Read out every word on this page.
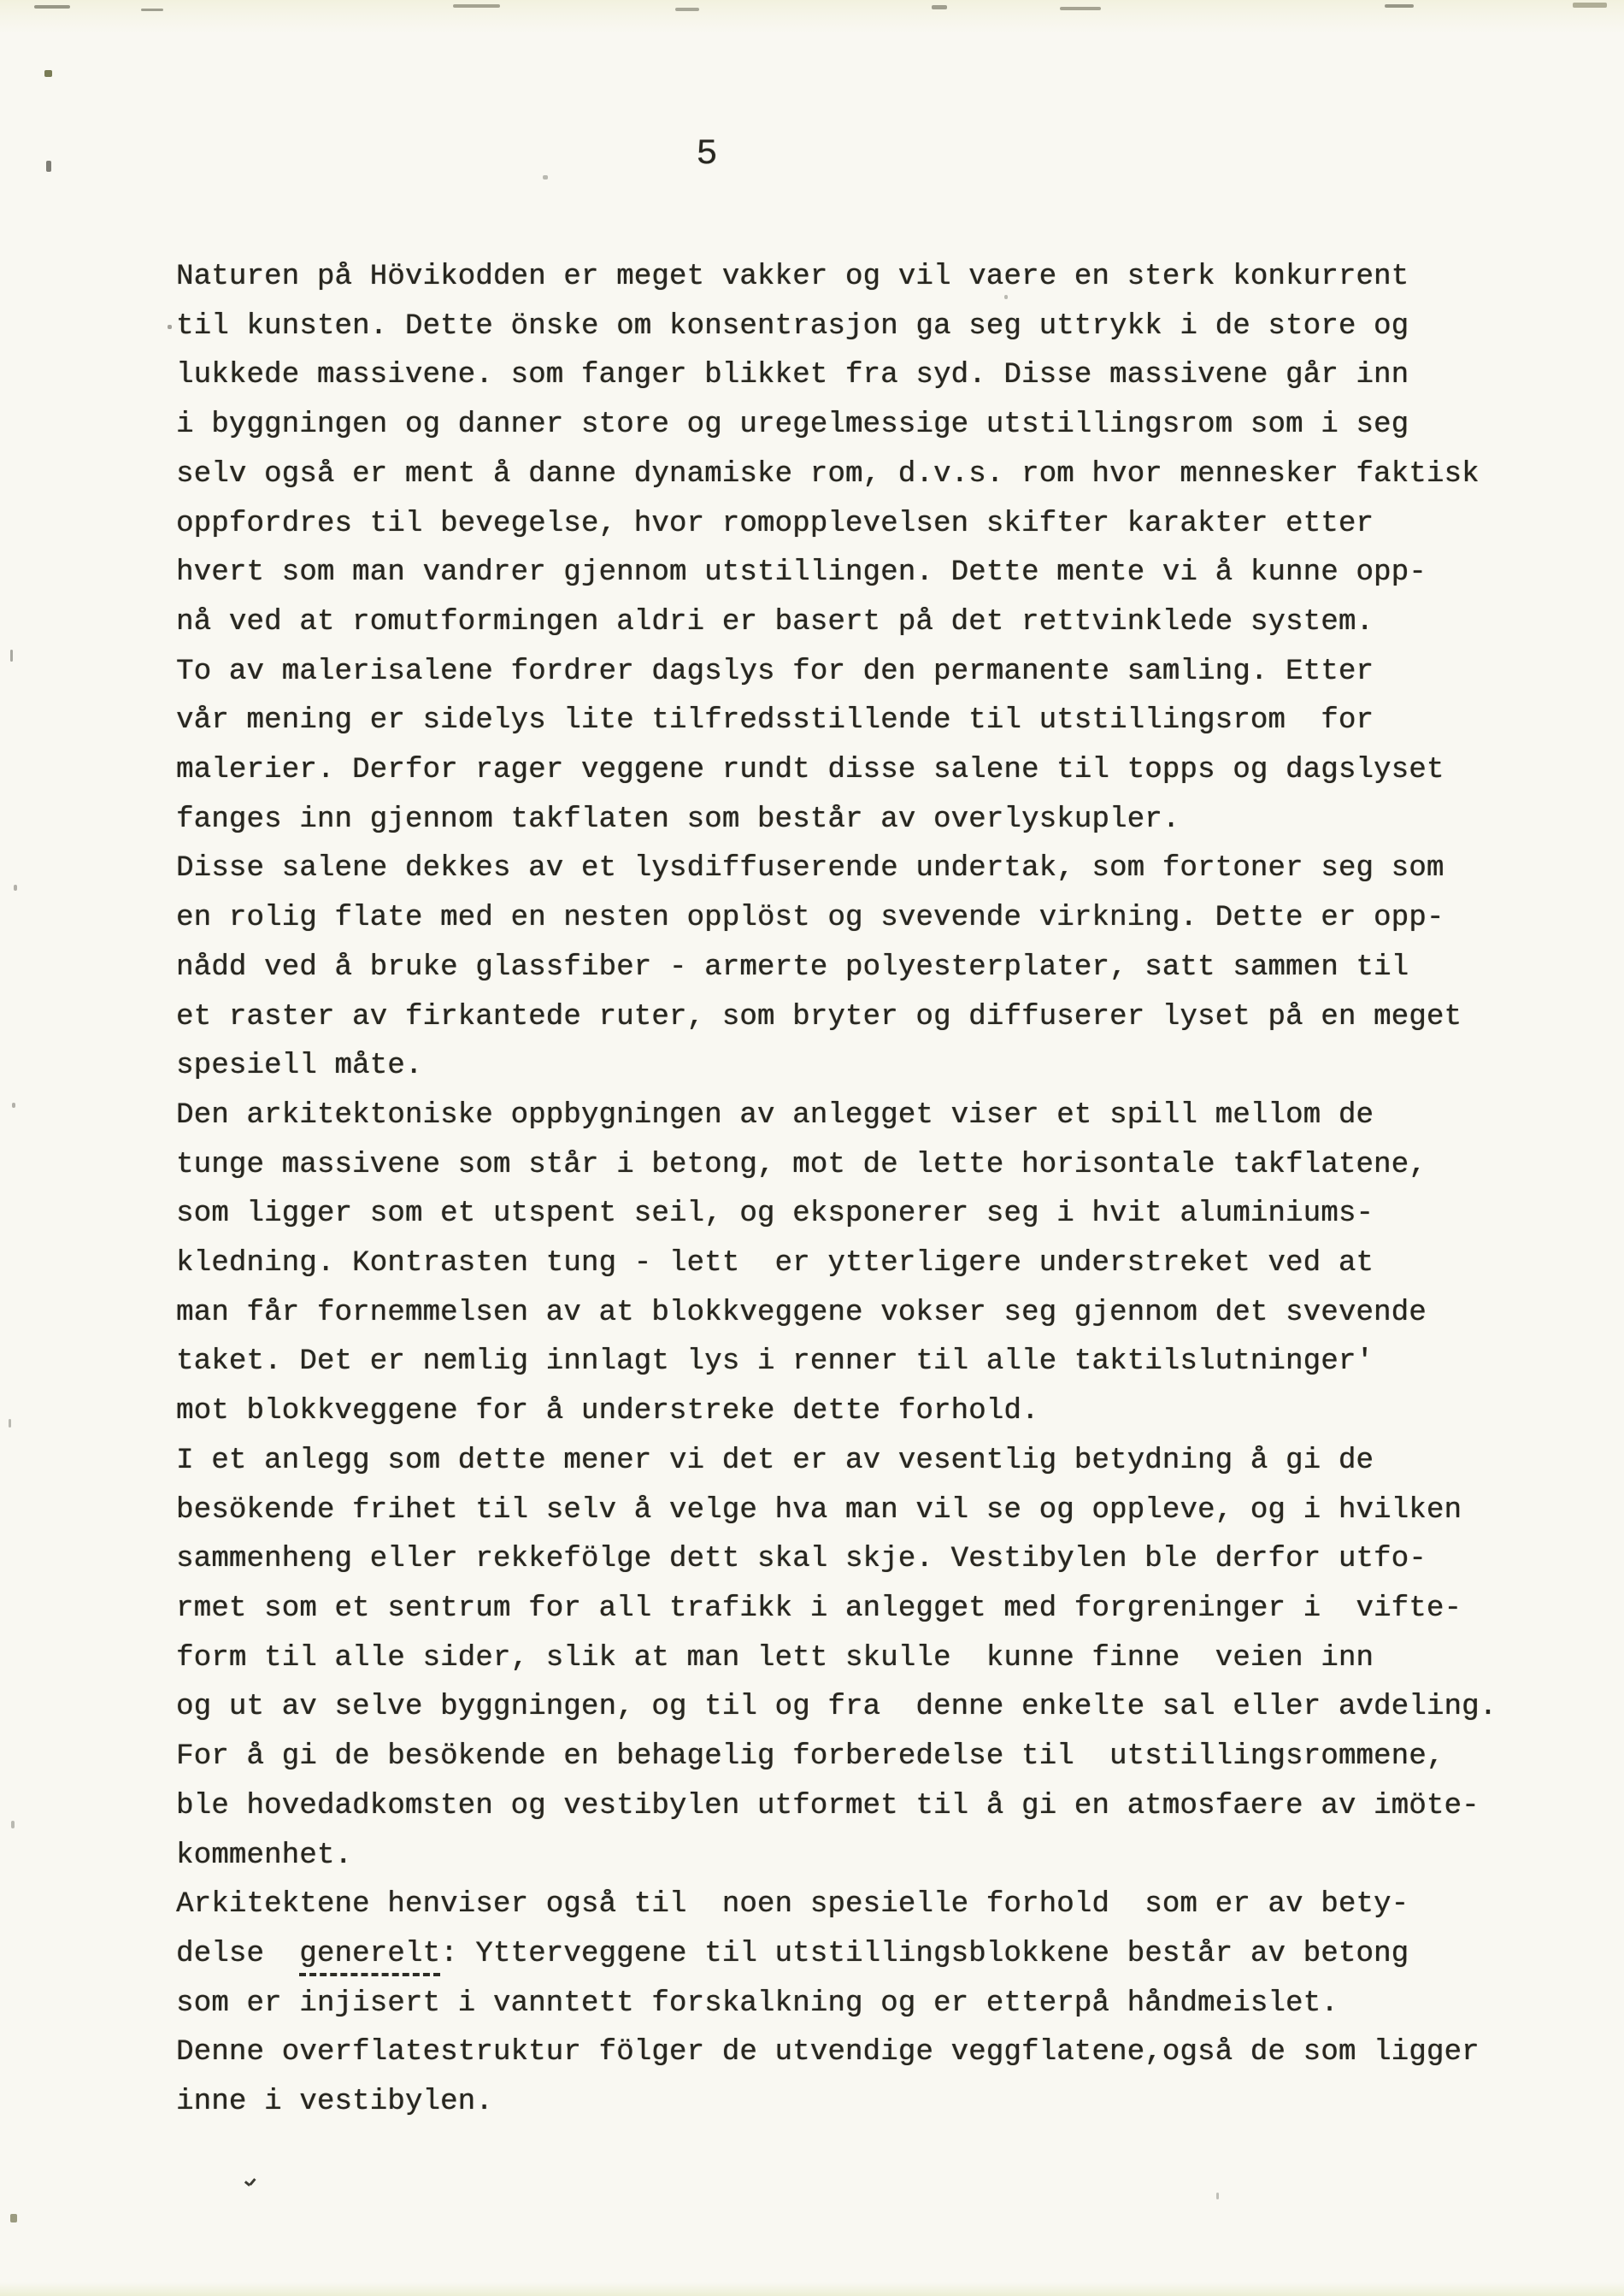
5
Naturen på Hövikodden er meget vakker og vil vaere en sterk konkurrent
til kunsten. Dette önske om konsentrasjon ga seg uttrykk i de store og
lukkede massivene. som fanger blikket fra syd. Disse massivene går inn
i byggningen og danner store og uregelmessige utstillingsrom som i seg
selv også er ment å danne dynamiske rom, d.v.s. rom hvor mennesker faktisk
oppfordres til bevegelse, hvor romopplevelsen skifter karakter etter
hvert som man vandrer gjennom utstillingen. Dette mente vi å kunne opp-
nå ved at romutformingen aldri er basert på det rettvinklede system.
To av malerisalene fordrer dagslys for den permanente samling. Etter
vår mening er sidelys lite tilfredsstillende til utstillingsrom  for
malerier. Derfor rager veggene rundt disse salene til topps og dagslyset
fanges inn gjennom takflaten som består av overlyskupler.
Disse salene dekkes av et lysdiffuserende undertak, som fortoner seg som
en rolig flate med en nesten opplöst og svevende virkning. Dette er opp-
nådd ved å bruke glassfiber - armerte polyesterplater, satt sammen til
et raster av firkantede ruter, som bryter og diffuserer lyset på en meget
spesiell måte.
Den arkitektoniske oppbygningen av anlegget viser et spill mellom de
tunge massivene som står i betong, mot de lette horisontale takflatene,
som ligger som et utspent seil, og eksponerer seg i hvit aluminiums-
kledning. Kontrasten tung - lett  er ytterligere understreket ved at
man får fornemmelsen av at blokkveggene vokser seg gjennom det svevende
taket. Det er nemlig innlagt lys i renner til alle taktilslutninger'
mot blokkveggene for å understreke dette forhold.
I et anlegg som dette mener vi det er av vesentlig betydning å gi de
besökende frihet til selv å velge hva man vil se og oppleve, og i hvilken
sammenheng eller rekkefölge dett skal skje. Vestibylen ble derfor utfo-
rmet som et sentrum for all trafikk i anlegget med forgreninger i  vifte-
form til alle sider, slik at man lett skulle  kunne finne  veien inn
og ut av selve byggningen, og til og fra  denne enkelte sal eller avdeling.
For å gi de besökende en behagelig forberedelse til  utstillingsrommene,
ble hovedadkomsten og vestibylen utformet til å gi en atmosfaere av imöte-
kommenhet.
Arkitektene henviser også til  noen spesielle forhold  som er av bety-
delse  generelt: Ytterveggene til utstillingsblokkene består av betong
som er injisert i vanntett forskalkning og er etterpå håndmeislet.
Denne overflatestruktur fölger de utvendige veggflatene,også de som ligger
inne i vestibylen.
